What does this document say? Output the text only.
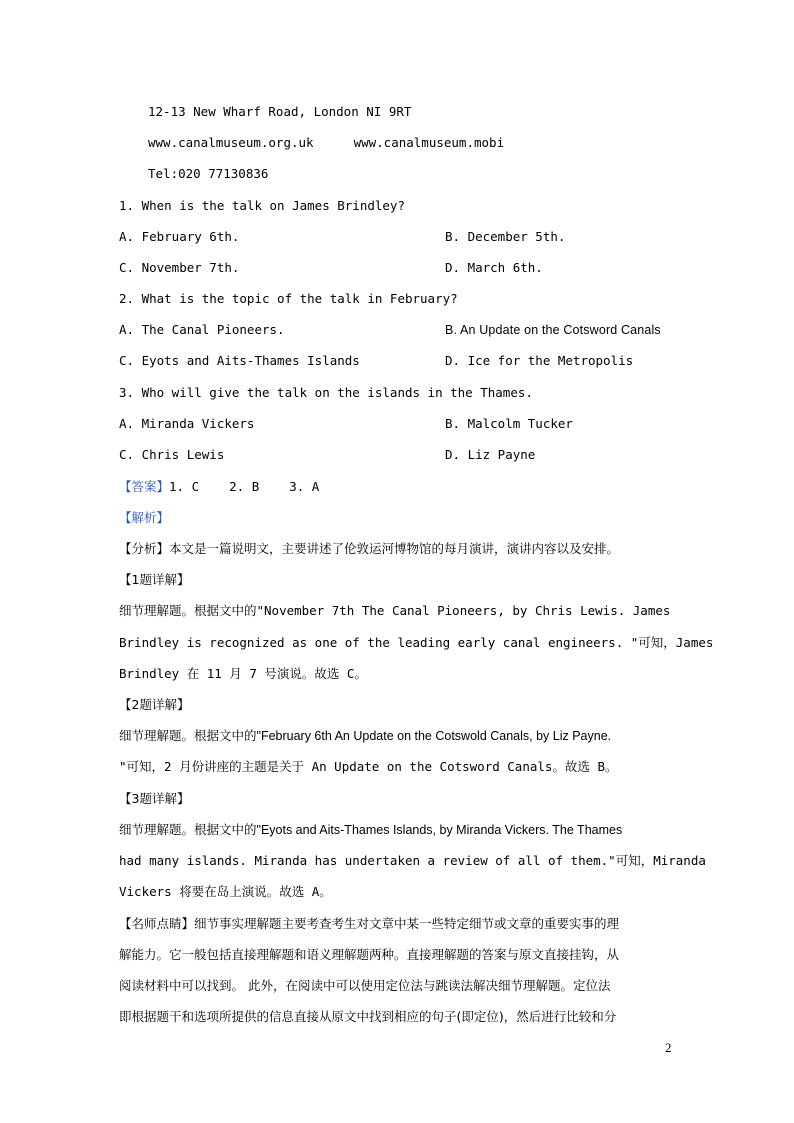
12-13 New Wharf Road, London NI 9RT
www.canalmuseum.org.uk	www.canalmuseum.mobi
Tel:020 77130836
1. When is the talk on James Brindley?
A. February 6th.	B. December 5th.
C. November 7th.	D. March 6th.
2. What is the topic of the talk in February?
A. The Canal Pioneers.	B. An Update on the Cotsword Canals
C. Eyots and Aits-Thames Islands	D. Ice for the Metropolis
3. Who will give the talk on the islands in the Thames.
A. Miranda Vickers	B. Malcolm Tucker
C. Chris Lewis	D. Liz Payne
【答案】1. C 2. B 3. A
【解析】
【分析】本文是一篇说明文，主要讲述了伦敦运河博物馆的每月演讲，演讲内容以及安排。
【1题详解】
细节理解题。根据文中的"November 7th The Canal Pioneers, by Chris Lewis. James
Brindley is recognized as one of the leading early canal engineers. "可知，James
Brindley 在 11 月 7 号演说。故选 C。
【2题详解】
细节理解题。根据文中的"February 6th An Update on the Cotswold Canals, by Liz Payne.
"可知，2 月份讲座的主题是关于 An Update on the Cotsword Canals。故选 B。
【3题详解】
细节理解题。根据文中的"Eyots and Aits-Thames Islands, by Miranda Vickers. The Thames
had many islands. Miranda has undertaken a review of all of them."可知，Miranda
Vickers 将要在岛上演说。故选 A。
【名师点睛】细节事实理解题主要考查考生对文章中某一些特定细节或文章的重要实事的理
解能力。它一般包括直接理解题和语义理解题两种。直接理解题的答案与原文直接挂钩，从
阅读材料中可以找到。 此外，在阅读中可以使用定位法与跳读法解决细节理解题。定位法
即根据题干和选项所提供的信息直接从原文中找到相应的句子(即定位)，然后进行比较和分
2
